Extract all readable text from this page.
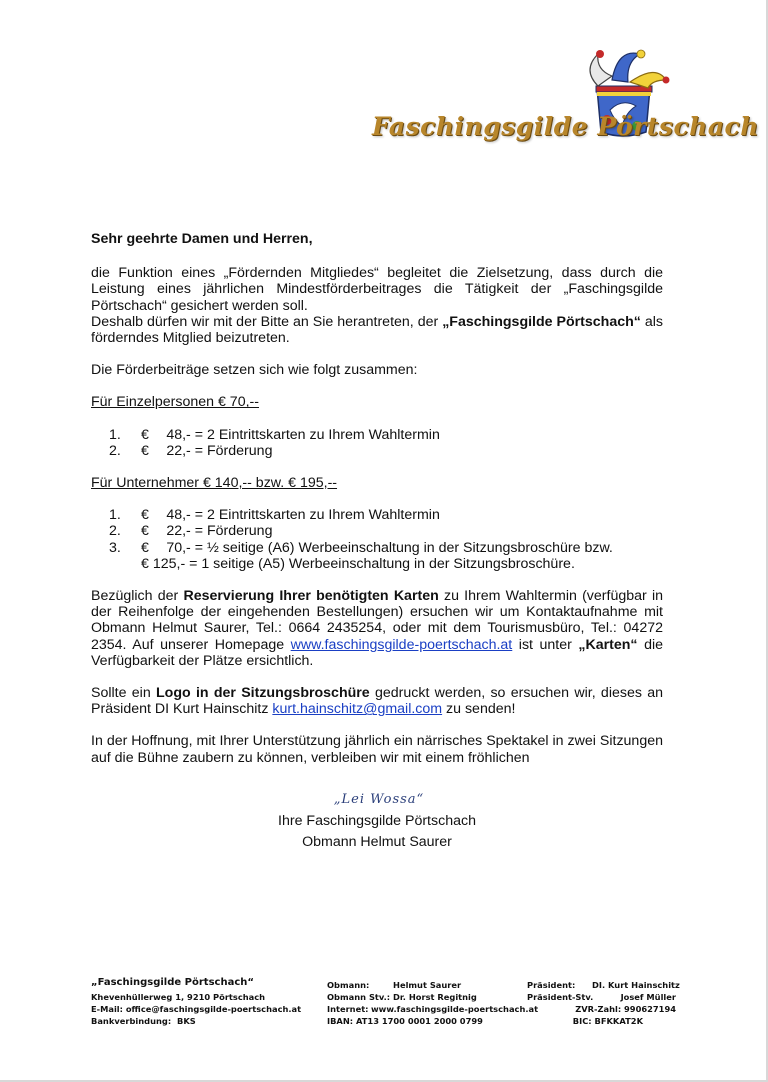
Faschingsgilde Pörtschach

Sehr geehrte Damen und Herren,

die Funktion eines „Fördernden Mitgliedes“ begleitet die Zielsetzung, dass durch die Leistung eines jährlichen Mindestförderbeitrages die Tätigkeit der „Faschingsgilde Pörtschach“ gesichert werden soll.

Deshalb dürfen wir mit der Bitte an Sie herantreten, der „Faschingsgilde Pörtschach“ als förderndes Mitglied beizutreten.

Die Förderbeiträge setzen sich wie folgt zusammen:

Für Einzelpersonen € 70,--

1.	€	48,- = 2 Eintrittskarten zu Ihrem Wahltermin
2.	€	22,- = Förderung

Für Unternehmer € 140,-- bzw. € 195,--

1.	€	48,- = 2 Eintrittskarten zu Ihrem Wahltermin
2.	€	22,- = Förderung
3.	€	70,- = ½ seitige (A6) Werbeeinschaltung in der Sitzungsbroschüre bzw.

€ 125,- = 1 seitige (A5) Werbeeinschaltung in der Sitzungsbroschüre.

Bezüglich der Reservierung Ihrer benötigten Karten zu Ihrem Wahltermin (verfügbar in der Reihenfolge der eingehenden Bestellungen) ersuchen wir um Kontaktaufnahme mit Obmann Helmut Saurer, Tel.: 0664 2435254, oder mit dem Tourismusbüro, Tel.: 04272 2354. Auf unserer Homepage www.faschingsgilde-poertschach.at ist unter „Karten“ die Verfügbarkeit der Plätze ersichtlich.

Sollte ein Logo in der Sitzungsbroschüre gedruckt werden, so ersuchen wir, dieses an Präsident DI Kurt Hainschitz kurt.hainschitz@gmail.com zu senden!

In der Hoffnung, mit Ihrer Unterstützung jährlich ein närrisches Spektakel in zwei Sitzungen auf die Bühne zaubern zu können, verbleiben wir mit einem fröhlichen

„Lei Wossa“

Ihre Faschingsgilde Pörtschach

Obmann Helmut Saurer

„Faschingsgilde Pörtschach“
Khevenhüllerweg 1, 9210 Pörtschach
E-Mail: office@faschingsgilde-poertschach.at
Bankverbindung: BKS
Obmann:	Helmut Saurer
Obmann Stv.: Dr. Horst Regitnig
Internet: www.faschingsgilde-poertschach.at
IBAN: AT13 1700 0001 2000 0799
Präsident: DI. Kurt Hainschitz
Präsident-Stv.	Josef Müller
ZVR-Zahl: 990627194
BIC: BFKKAT2K
